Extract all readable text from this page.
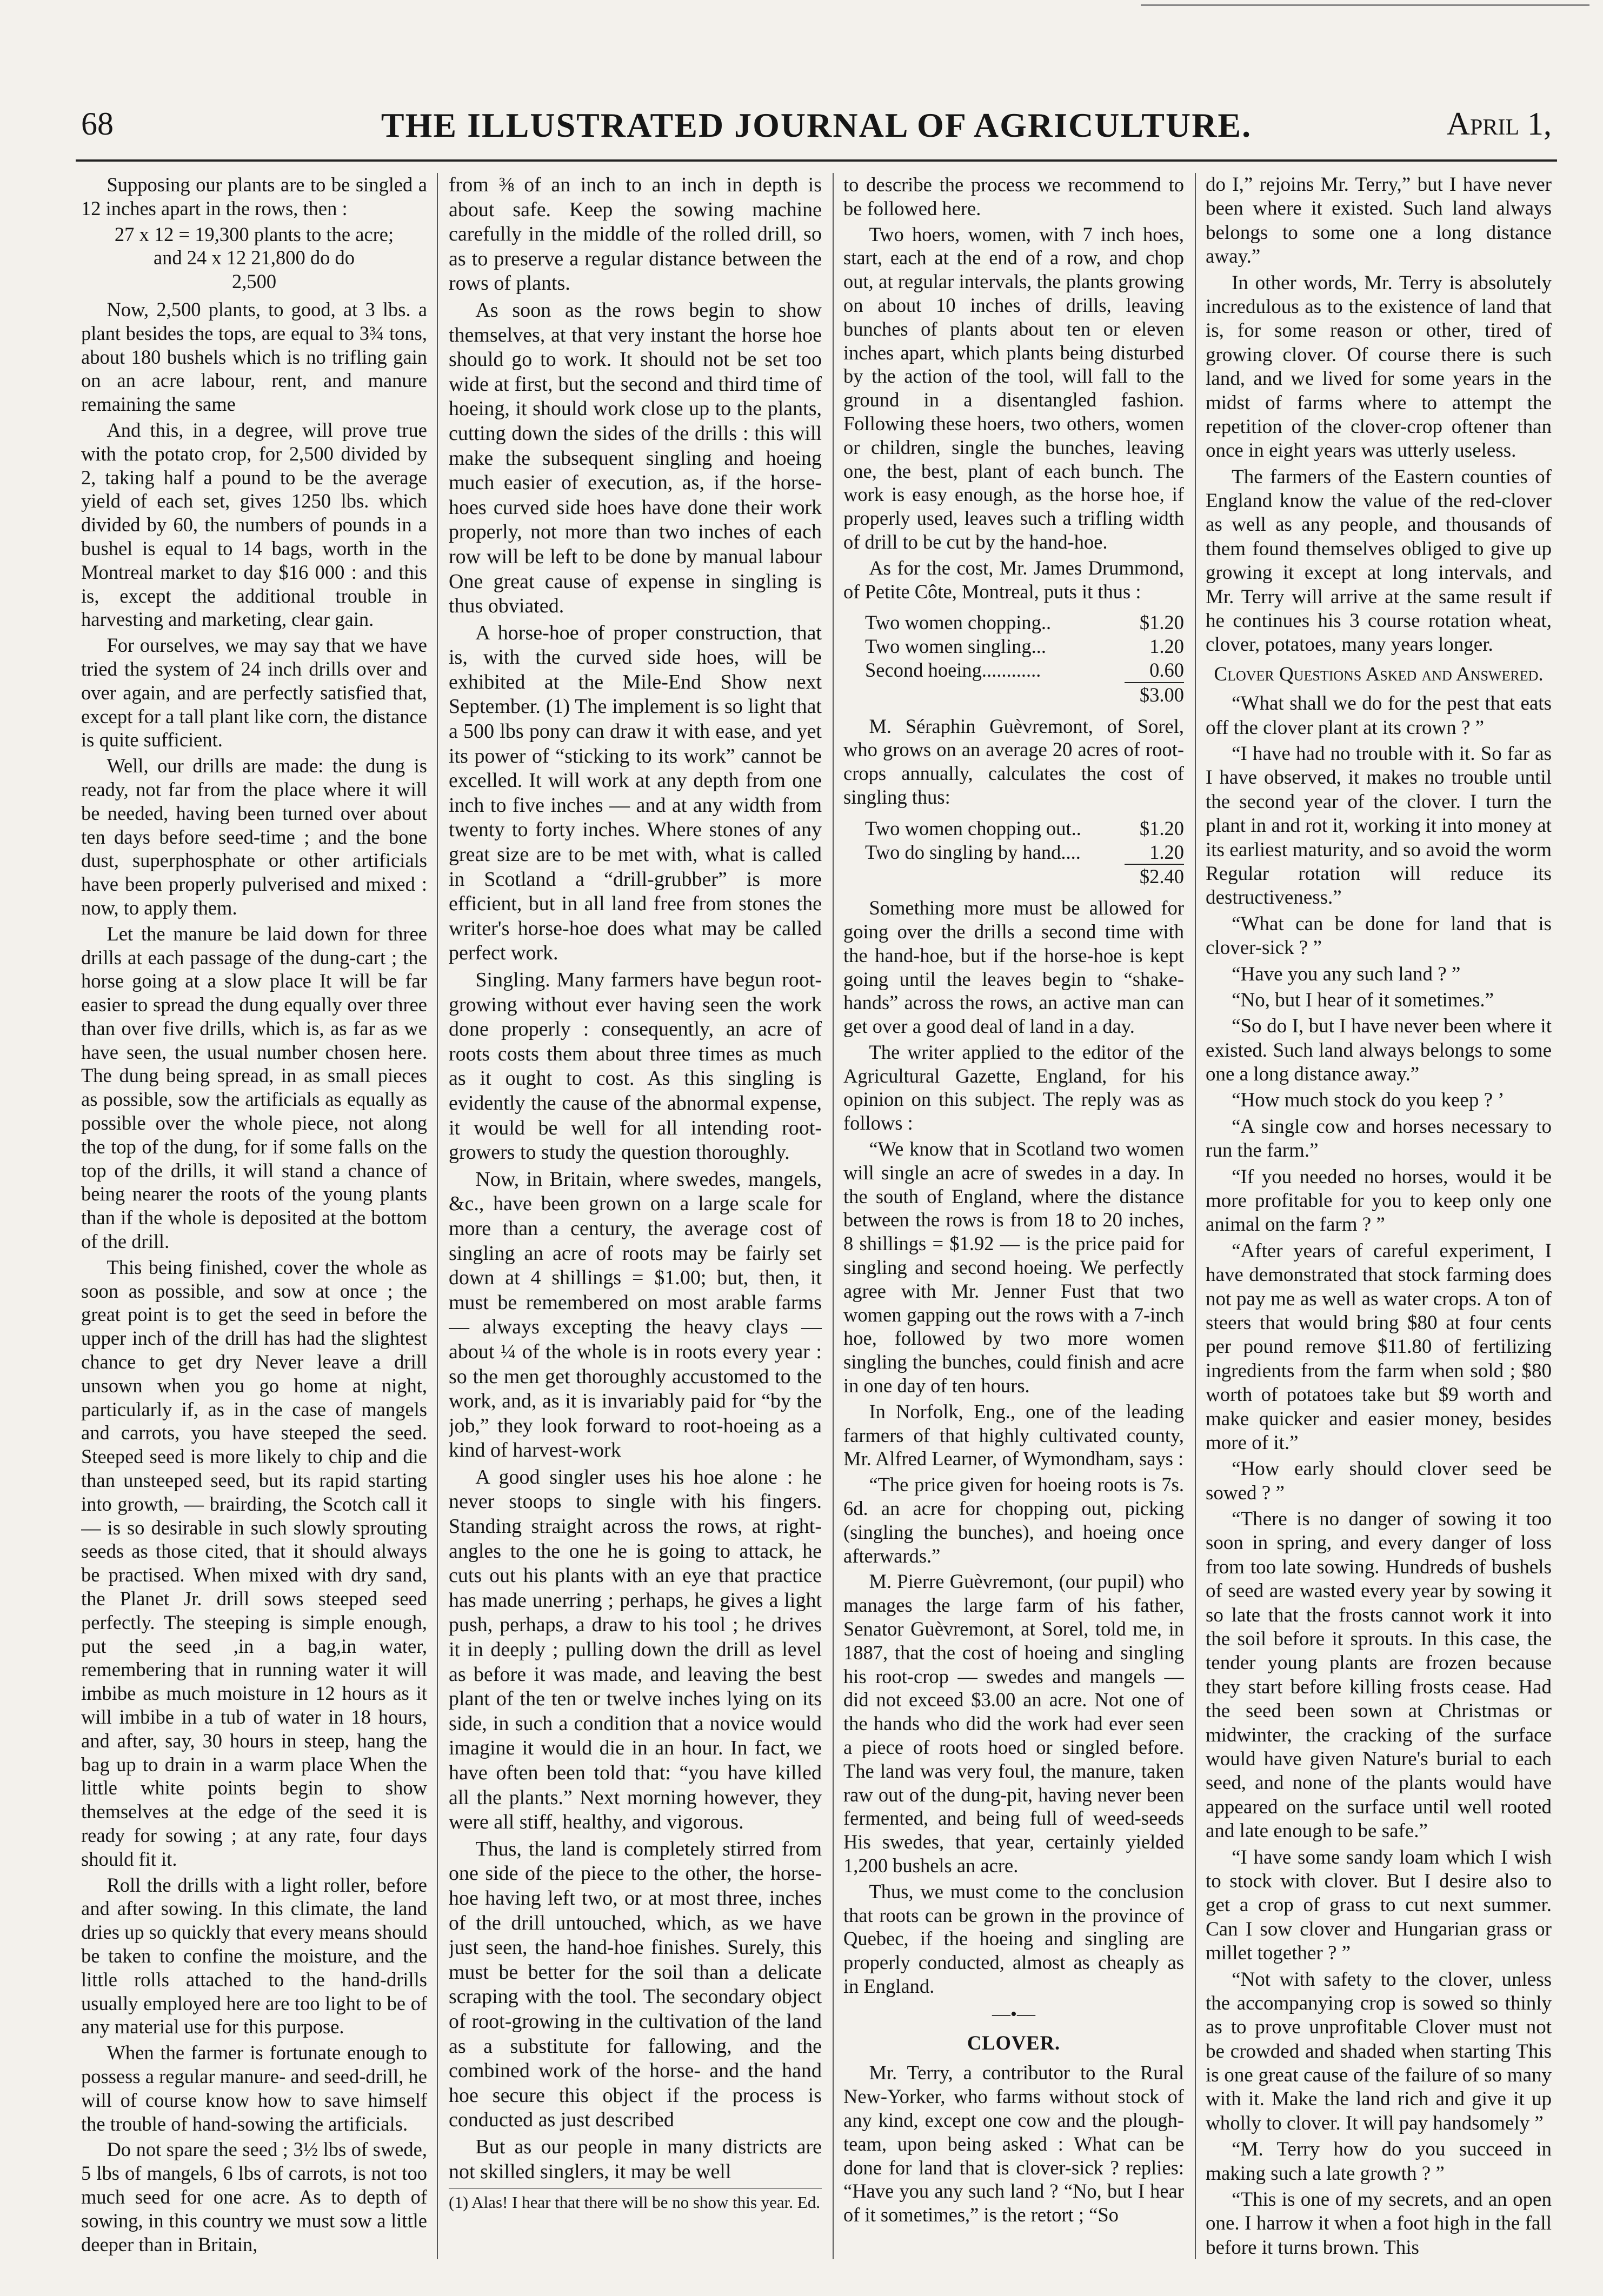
68	THE ILLUSTRATED JOURNAL OF AGRICULTURE.	April 1,

Supposing our plants are to be singled a 12 inches apart in the rows, then :

27 x 12 = 19,300 plants to the acre;
and 24 x 12 21,800 do do
2,500

Now, 2,500 plants, to good, at 3 lbs. a plant besides the tops, are equal to 3¾ tons, about 180 bushels which is no trifling gain on an acre labour, rent, and manure remaining the same

And this, in a degree, will prove true with the potato crop, for 2,500 divided by 2, taking half a pound to be the average yield of each set, gives 1250 lbs. which divided by 60, the numbers of pounds in a bushel is equal to 14 bags, worth in the Montreal market to day $16 000 : and this is, except the additional trouble in harvesting and marketing, clear gain.

For ourselves, we may say that we have tried the system of 24 inch drills over and over again, and are perfectly satisfied that, except for a tall plant like corn, the distance is quite sufficient.

Well, our drills are made: the dung is ready, not far from the place where it will be needed, having been turned over about ten days before seed-time ; and the bone dust, superphosphate or other artificials have been properly pulverised and mixed : now, to apply them.

Let the manure be laid down for three drills at each passage of the dung-cart ; the horse going at a slow place It will be far easier to spread the dung equally over three than over five drills, which is, as far as we have seen, the usual number chosen here. The dung being spread, in as small pieces as possible, sow the artificials as equally as possible over the whole piece, not along the top of the dung, for if some falls on the top of the drills, it will stand a chance of being nearer the roots of the young plants than if the whole is deposited at the bottom of the drill.

This being finished, cover the whole as soon as possible, and sow at once ; the great point is to get the seed in before the upper inch of the drill has had the slightest chance to get dry Never leave a drill unsown when you go home at night, particularly if, as in the case of mangels and carrots, you have steeped the seed. Steeped seed is more likely to chip and die than unsteeped seed, but its rapid starting into growth, — brairding, the Scotch call it — is so desirable in such slowly sprouting seeds as those cited, that it should always be practised. When mixed with dry sand, the Planet Jr. drill sows steeped seed perfectly. The steeping is simple enough, put the seed ,in a bag,in water, remembering that in running water it will imbibe as much moisture in 12 hours as it will imbibe in a tub of water in 18 hours, and after, say, 30 hours in steep, hang the bag up to drain in a warm place When the little white points begin to show themselves at the edge of the seed it is ready for sowing ; at any rate, four days should fit it.

Roll the drills with a light roller, before and after sowing. In this climate, the land dries up so quickly that every means should be taken to confine the moisture, and the little rolls attached to the hand-drills usually employed here are too light to be of any material use for this purpose.

When the farmer is fortunate enough to possess a regular manure- and seed-drill, he will of course know how to save himself the trouble of hand-sowing the artificials.

Do not spare the seed ; 3½ lbs of swede, 5 lbs of mangels, 6 lbs of carrots, is not too much seed for one acre. As to depth of sowing, in this country we must sow a little deeper than in Britain,

from ⅜ of an inch to an inch in depth is about safe. Keep the sowing machine carefully in the middle of the rolled drill, so as to preserve a regular distance between the rows of plants.

As soon as the rows begin to show themselves, at that very instant the horse hoe should go to work. It should not be set too wide at first, but the second and third time of hoeing, it should work close up to the plants, cutting down the sides of the drills : this will make the subsequent singling and hoeing much easier of execution, as, if the horse-hoes curved side hoes have done their work properly, not more than two inches of each row will be left to be done by manual labour One great cause of expense in singling is thus obviated.

A horse-hoe of proper construction, that is, with the curved side hoes, will be exhibited at the Mile-End Show next September. (1) The implement is so light that a 500 lbs pony can draw it with ease, and yet its power of “sticking to its work” cannot be excelled. It will work at any depth from one inch to five inches — and at any width from twenty to forty inches. Where stones of any great size are to be met with, what is called in Scotland a “drill-grubber” is more efficient, but in all land free from stones the writer's horse-hoe does what may be called perfect work.

Singling. Many farmers have begun root-growing without ever having seen the work done properly : consequently, an acre of roots costs them about three times as much as it ought to cost. As this singling is evidently the cause of the abnormal expense, it would be well for all intending root-growers to study the question thoroughly.

Now, in Britain, where swedes, mangels, &c., have been grown on a large scale for more than a century, the average cost of singling an acre of roots may be fairly set down at 4 shillings = $1.00; but, then, it must be remembered on most arable farms — always excepting the heavy clays — about ¼ of the whole is in roots every year : so the men get thoroughly accustomed to the work, and, as it is invariably paid for “by the job,” they look forward to root-hoeing as a kind of harvest-work

A good singler uses his hoe alone : he never stoops to single with his fingers. Standing straight across the rows, at right-angles to the one he is going to attack, he cuts out his plants with an eye that practice has made unerring ; perhaps, he gives a light push, perhaps, a draw to his tool ; he drives it in deeply ; pulling down the drill as level as before it was made, and leaving the best plant of the ten or twelve inches lying on its side, in such a condition that a novice would imagine it would die in an hour. In fact, we have often been told that: “you have killed all the plants.” Next morning however, they were all stiff, healthy, and vigorous.

Thus, the land is completely stirred from one side of the piece to the other, the horse-hoe having left two, or at most three, inches of the drill untouched, which, as we have just seen, the hand-hoe finishes. Surely, this must be better for the soil than a delicate scraping with the tool. The secondary object of root-growing in the cultivation of the land as a substitute for fallowing, and the combined work of the horse- and the hand hoe secure this object if the process is conducted as just described

But as our people in many districts are not skilled singlers, it may be well

(1) Alas! I hear that there will be no show this year. Ed.

to describe the process we recommend to be followed here.

Two hoers, women, with 7 inch hoes, start, each at the end of a row, and chop out, at regular intervals, the plants growing on about 10 inches of drills, leaving bunches of plants about ten or eleven inches apart, which plants being disturbed by the action of the tool, will fall to the ground in a disentangled fashion. Following these hoers, two others, women or children, single the bunches, leaving one, the best, plant of each bunch. The work is easy enough, as the horse hoe, if properly used, leaves such a trifling width of drill to be cut by the hand-hoe.

As for the cost, Mr. James Drummond, of Petite Côte, Montreal, puts it thus :

Two women chopping..	$1.20
Two women singling...	1.20
Second hoeing............	0.60
$3.00

M. Séraphin Guèvremont, of Sorel, who grows on an average 20 acres of root-crops annually, calculates the cost of singling thus:

Two women chopping out..	$1.20
Two do singling by hand....	1.20
$2.40

Something more must be allowed for going over the drills a second time with the hand-hoe, but if the horse-hoe is kept going until the leaves begin to “shake-hands” across the rows, an active man can get over a good deal of land in a day.

The writer applied to the editor of the Agricultural Gazette, England, for his opinion on this subject. The reply was as follows :

“We know that in Scotland two women will single an acre of swedes in a day. In the south of England, where the distance between the rows is from 18 to 20 inches, 8 shillings = $1.92 — is the price paid for singling and second hoeing. We perfectly agree with Mr. Jenner Fust that two women gapping out the rows with a 7-inch hoe, followed by two more women singling the bunches, could finish and acre in one day of ten hours.

In Norfolk, Eng., one of the leading farmers of that highly cultivated county, Mr. Alfred Learner, of Wymondham, says :

“The price given for hoeing roots is 7s. 6d. an acre for chopping out, picking (singling the bunches), and hoeing once afterwards.”

M. Pierre Guèvremont, (our pupil) who manages the large farm of his father, Senator Guèvremont, at Sorel, told me, in 1887, that the cost of hoeing and singling his root-crop — swedes and mangels — did not exceed $3.00 an acre. Not one of the hands who did the work had ever seen a piece of roots hoed or singled before. The land was very foul, the manure, taken raw out of the dung-pit, having never been fermented, and being full of weed-seeds His swedes, that year, certainly yielded 1,200 bushels an acre.

Thus, we must come to the conclusion that roots can be grown in the province of Quebec, if the hoeing and singling are properly conducted, almost as cheaply as in England.

—•—
CLOVER.

Mr. Terry, a contributor to the Rural New-Yorker, who farms without stock of any kind, except one cow and the plough-team, upon being asked : What can be done for land that is clover-sick ? replies: “Have you any such land ? “No, but I hear of it sometimes,” is the retort ; “So

do I,” rejoins Mr. Terry,” but I have never been where it existed. Such land always belongs to some one a long distance away.”

In other words, Mr. Terry is absolutely incredulous as to the existence of land that is, for some reason or other, tired of growing clover. Of course there is such land, and we lived for some years in the midst of farms where to attempt the repetition of the clover-crop oftener than once in eight years was utterly useless.

The farmers of the Eastern counties of England know the value of the red-clover as well as any people, and thousands of them found themselves obliged to give up growing it except at long intervals, and Mr. Terry will arrive at the same result if he continues his 3 course rotation wheat, clover, potatoes, many years longer.

Clover Questions Asked and Answered.

“What shall we do for the pest that eats off the clover plant at its crown ? ”

“I have had no trouble with it. So far as I have observed, it makes no trouble until the second year of the clover. I turn the plant in and rot it, working it into money at its earliest maturity, and so avoid the worm Regular rotation will reduce its destructiveness.”

“What can be done for land that is clover-sick ? ”

“Have you any such land ? ”

“No, but I hear of it sometimes.”

“So do I, but I have never been where it existed. Such land always belongs to some one a long distance away.”

“How much stock do you keep ? ’

“A single cow and horses necessary to run the farm.”

“If you needed no horses, would it be more profitable for you to keep only one animal on the farm ? ”

“After years of careful experiment, I have demonstrated that stock farming does not pay me as well as water crops. A ton of steers that would bring $80 at four cents per pound remove $11.80 of fertilizing ingredients from the farm when sold ; $80 worth of potatoes take but $9 worth and make quicker and easier money, besides more of it.”

“How early should clover seed be sowed ? ”

“There is no danger of sowing it too soon in spring, and every danger of loss from too late sowing. Hundreds of bushels of seed are wasted every year by sowing it so late that the frosts cannot work it into the soil before it sprouts. In this case, the tender young plants are frozen because they start before killing frosts cease. Had the seed been sown at Christmas or midwinter, the cracking of the surface would have given Nature's burial to each seed, and none of the plants would have appeared on the surface until well rooted and late enough to be safe.”

“I have some sandy loam which I wish to stock with clover. But I desire also to get a crop of grass to cut next summer. Can I sow clover and Hungarian grass or millet together ? ”

“Not with safety to the clover, unless the accompanying crop is sowed so thinly as to prove unprofitable Clover must not be crowded and shaded when starting This is one great cause of the failure of so many with it. Make the land rich and give it up wholly to clover. It will pay handsomely ”

“M. Terry how do you succeed in making such a late growth ? ”

“This is one of my secrets, and an open one. I harrow it when a foot high in the fall before it turns brown. This
